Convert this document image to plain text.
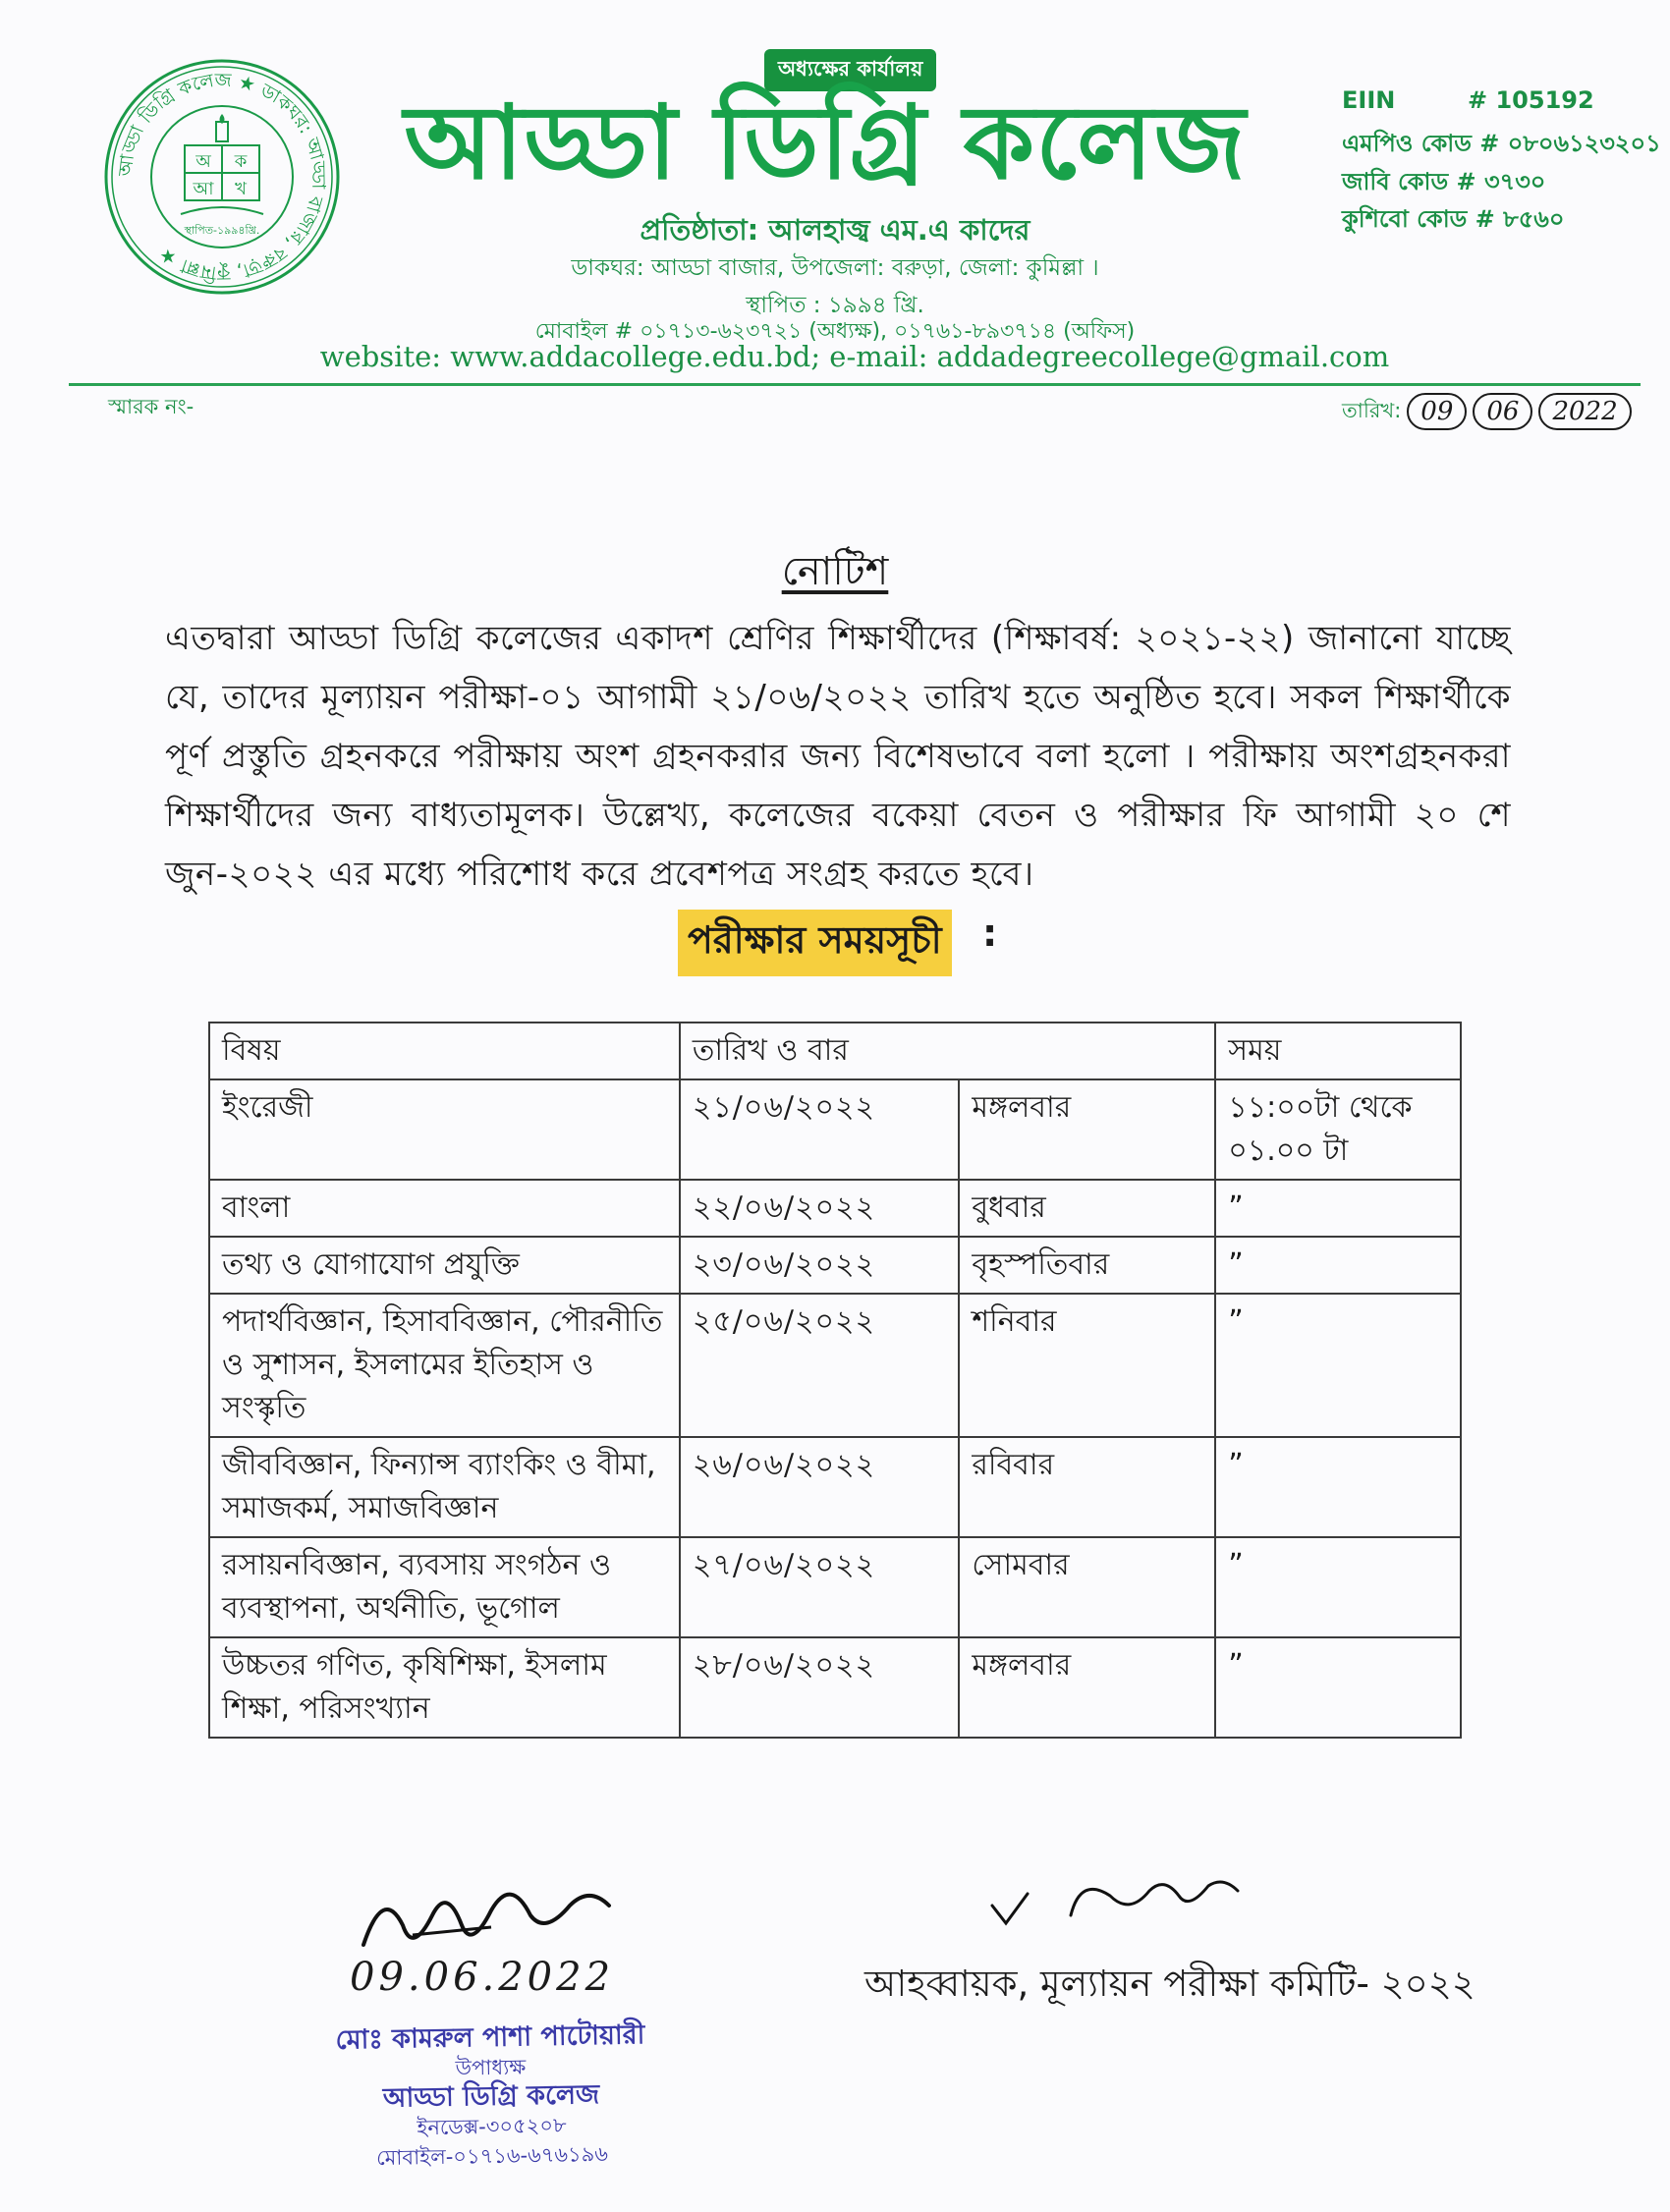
আড্ডা ডিগ্রি কলেজ ★ ডাকঘর: আড্ডা বাজার, বরুড়া, কুমিল্লা ★
অ ক
আ খ
স্থাপিত-১৯৯৪খ্রি.
অধ্যক্ষের কার্যালয়
আড্ডা ডিগ্রি কলেজ
প্রতিষ্ঠাতা: আলহাজ্ব এম.এ কাদের
ডাকঘর: আড্ডা বাজার, উপজেলা: বরুড়া, জেলা: কুমিল্লা ।
স্থাপিত : ১৯৯৪ খ্রি.
মোবাইল # ০১৭১৩-৬২৩৭২১ (অধ্যক্ষ), ০১৭৬১-৮৯৩৭১৪ (অফিস)
website: www.addacollege.edu.bd; e-mail: addadegreecollege@gmail.com
EIIN	# 105192
এমপিও কোড # ০৮০৬১২৩২০১
জাবি কোড # ৩৭৩০
কুশিবো কোড # ৮৫৬০
স্মারক নং-	তারিখ: 09	06	2022
নোটিশ
এতদ্বারা আড্ডা ডিগ্রি কলেজের একাদশ শ্রেণির শিক্ষার্থীদের (শিক্ষাবর্ষ: ২০২১-২২) জানানো যাচ্ছে যে, তাদের মূল্যায়ন পরীক্ষা-০১ আগামী ২১/০৬/২০২২ তারিখ হতে অনুষ্ঠিত হবে। সকল শিক্ষার্থীকে পূর্ণ প্রস্তুতি গ্রহনকরে পরীক্ষায় অংশ গ্রহনকরার জন্য বিশেষভাবে বলা হলো । পরীক্ষায় অংশগ্রহনকরা শিক্ষার্থীদের জন্য বাধ্যতামূলক। উল্লেখ্য, কলেজের বকেয়া বেতন ও পরীক্ষার ফি আগামী ২০ শে জুন-২০২২ এর মধ্যে পরিশোধ করে প্রবেশপত্র সংগ্রহ করতে হবে।
পরীক্ষার সময়সূচী :
বিষয়	তারিখ ও বার		সময়
ইংরেজী	২১/০৬/২০২২	মঙ্গলবার	১১:০০টা থেকে ০১.০০ টা
বাংলা	২২/০৬/২০২২	বুধবার	”
তথ্য ও যোগাযোগ প্রযুক্তি	২৩/০৬/২০২২	বৃহস্পতিবার	”
পদার্থবিজ্ঞান, হিসাববিজ্ঞান, পৌরনীতি ও সুশাসন, ইসলামের ইতিহাস ও সংস্কৃতি	২৫/০৬/২০২২	শনিবার	”
জীববিজ্ঞান, ফিন্যান্স ব্যাংকিং ও বীমা, সমাজকর্ম, সমাজবিজ্ঞান	২৬/০৬/২০২২	রবিবার	”
রসায়নবিজ্ঞান, ব্যবসায় সংগঠন ও ব্যবস্থাপনা, অর্থনীতি, ভূগোল	২৭/০৬/২০২২	সোমবার	”
উচ্চতর গণিত, কৃষিশিক্ষা, ইসলাম শিক্ষা, পরিসংখ্যান	২৮/০৬/২০২২	মঙ্গলবার	”
09.06.2022
মোঃ কামরুল পাশা পাটোয়ারী
উপাধ্যক্ষ
আড্ডা ডিগ্রি কলেজ
ইনডেক্স-৩০৫২০৮
মোবাইল-০১৭১৬-৬৭৬১৯৬
আহব্বায়ক, মূল্যায়ন পরীক্ষা কমিটি- ২০২২
